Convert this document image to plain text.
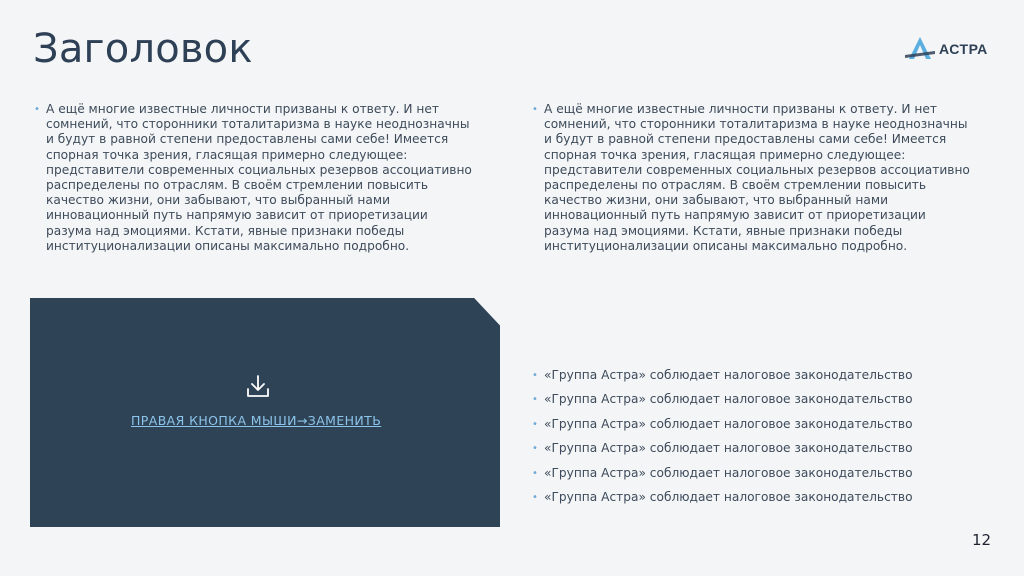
Заголовок	АСТРА
• А ещё многие известные личности призваны к ответу. И нет сомнений, что сторонники тоталитаризма в науке неоднозначны и будут в равной степени предоставлены сами себе! Имеется спорная точка зрения, гласящая примерно следующее: представители современных социальных резервов ассоциативно распределены по отраслям. В своём стремлении повысить качество жизни, они забывают, что выбранный нами инновационный путь напрямую зависит от приоретизации разума над эмоциями. Кстати, явные признаки победы институционализации описаны максимально подробно.
• А ещё многие известные личности призваны к ответу. И нет сомнений, что сторонники тоталитаризма в науке неоднозначны и будут в равной степени предоставлены сами себе! Имеется спорная точка зрения, гласящая примерно следующее: представители современных социальных резервов ассоциативно распределены по отраслям. В своём стремлении повысить качество жизни, они забывают, что выбранный нами инновационный путь напрямую зависит от приоретизации разума над эмоциями. Кстати, явные признаки победы институционализации описаны максимально подробно.
ПРАВАЯ КНОПКА МЫШИ→ЗАМЕНИТЬ
• «Группа Астра» соблюдает налоговое законодательство
• «Группа Астра» соблюдает налоговое законодательство
• «Группа Астра» соблюдает налоговое законодательство
• «Группа Астра» соблюдает налоговое законодательство
• «Группа Астра» соблюдает налоговое законодательство
• «Группа Астра» соблюдает налоговое законодательство
12
